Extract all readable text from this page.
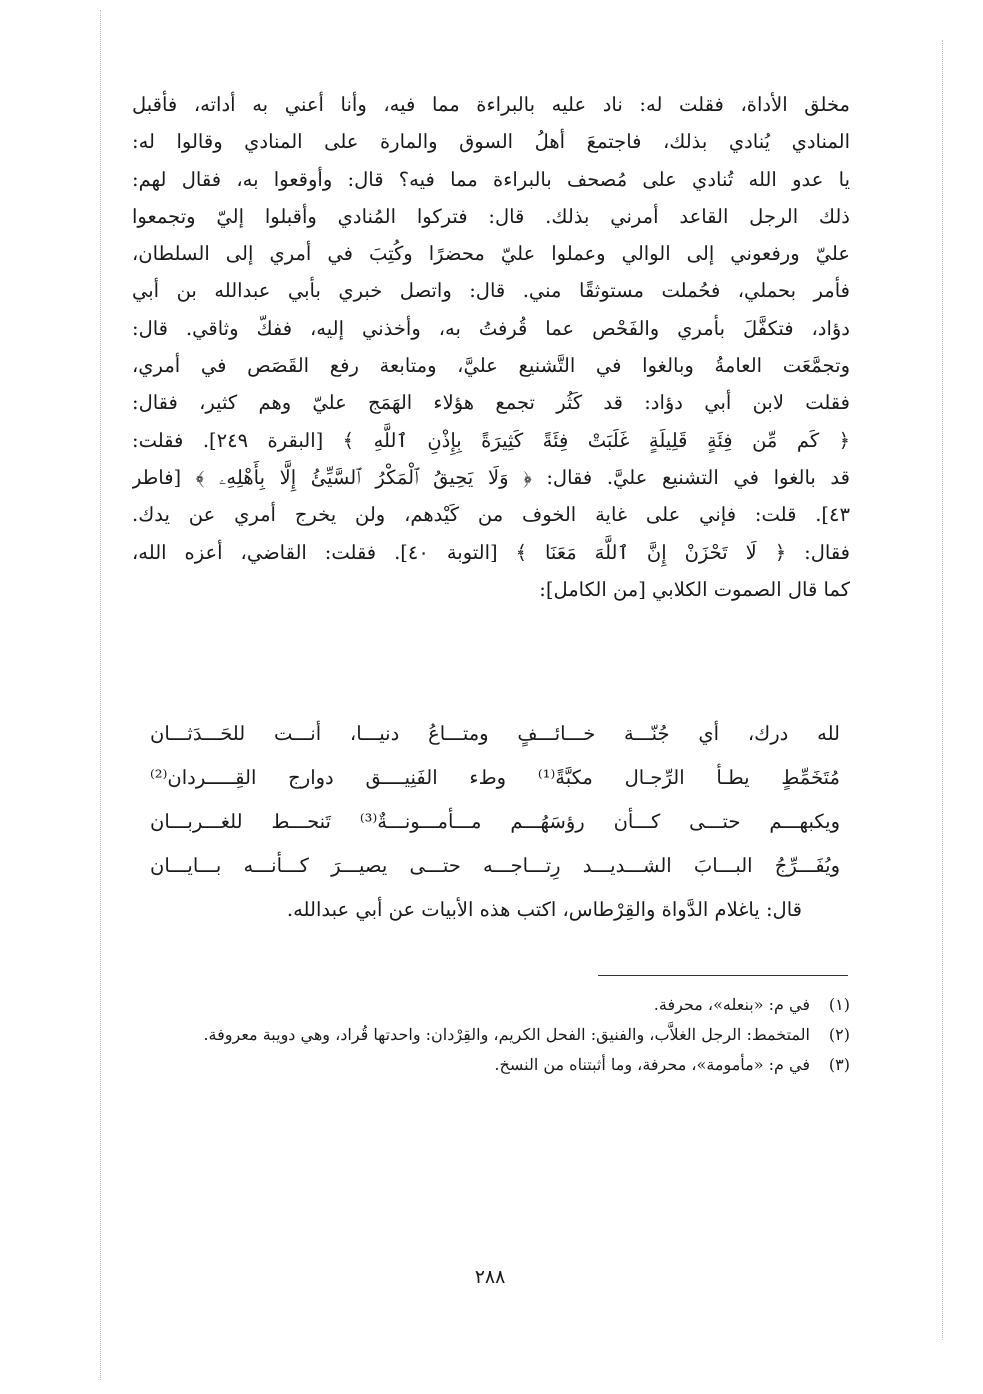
مخلق الأداة، فقلت له: ناد عليه بالبراءة مما فيه، وأنا أعني به أداته، فأقبل
المنادي يُنادي بذلك، فاجتمعَ أهلُ السوق والمارة على المنادي وقالوا له:
يا عدو الله تُنادي على مُصحف بالبراءة مما فيه؟ قال: وأوقعوا به، فقال لهم:
ذلك الرجل القاعد أمرني بذلك. قال: فتركوا المُنادي وأقبلوا إليّ وتجمعوا
عليّ ورفعوني إلى الوالي وعملوا عليّ محضرًا وكُتِبَ في أمري إلى السلطان،
فأمر بحملي، فحُملت مستوثقًا مني. قال: واتصل خبري بأبي عبدالله بن أبي
دؤاد، فتكفَّلَ بأمري والفَحْص عما قُرفتُ به، وأخذني إليه، ففكّ وثاقي. قال:
وتجمَّعَت العامةُ وبالغوا في التَّشنيع عليَّ، ومتابعة رفع القَصَص في أمري،
فقلت لابن أبي دؤاد: قد كَثُر تجمع هؤلاء الهَمَج عليّ وهم كثير، فقال:
﴿ كَم مِّن فِئَةٍ قَلِيلَةٍ غَلَبَتْ فِئَةً كَثِيرَةً بِإِذْنِ ٱللَّهِ ﴾ [البقرة ٢٤٩]. فقلت:
قد بالغوا في التشنيع عليَّ. فقال: ﴿ وَلَا يَحِيقُ ٱلْمَكْرُ ٱلسَّيِّئُ إِلَّا بِأَهْلِهِۦ ﴾ [فاطر
٤٣]. قلت: فإني على غاية الخوف من كَيْدهم، ولن يخرج أمري عن يدك.
فقال: ﴿ لَا تَحْزَنْ إِنَّ ٱللَّهَ مَعَنَا ﴾ [التوبة ٤٠]. فقلت: القاضي، أعزه الله،
كما قال الصموت الكلابي [من الكامل]:
لله درك، أي جُنّـــة خـــائـــفٍ ومتـــاعُ دنيـــا، أنـــت للحَـــدَثـــان
مُتَخَمِّطٍ يطـأ الرِّجـال مكبَّةً⁽¹⁾ وطء الفَنِيــــق دوارج القِـــــردان⁽²⁾
ويكبهـــم حتـــى كـــأن رؤسَهُـــم مـــأمـــونـــةٌ⁽³⁾ تَنحـــط للغـــربـــان
ويُفَـــرِّجُ البـــابَ الشـــديـــد رِتـــاجـــه حتـــى يصيـــرَ كـــأنـــه بـــايـــان
قال: ياغلام الدَّواة والقِرْطاس، اكتب هذه الأبيات عن أبي عبدالله.
(١)
في م: «بنعله»، محرفة.
(٢)
المتخمط: الرجل الغلاَّب، والفنيق: الفحل الكريم، والقِرْدان: واحدتها قُراد، وهي دويبة معروفة.
(٣)
في م: «مأمومة»، محرفة، وما أثبتناه من النسخ.
٢٨٨
